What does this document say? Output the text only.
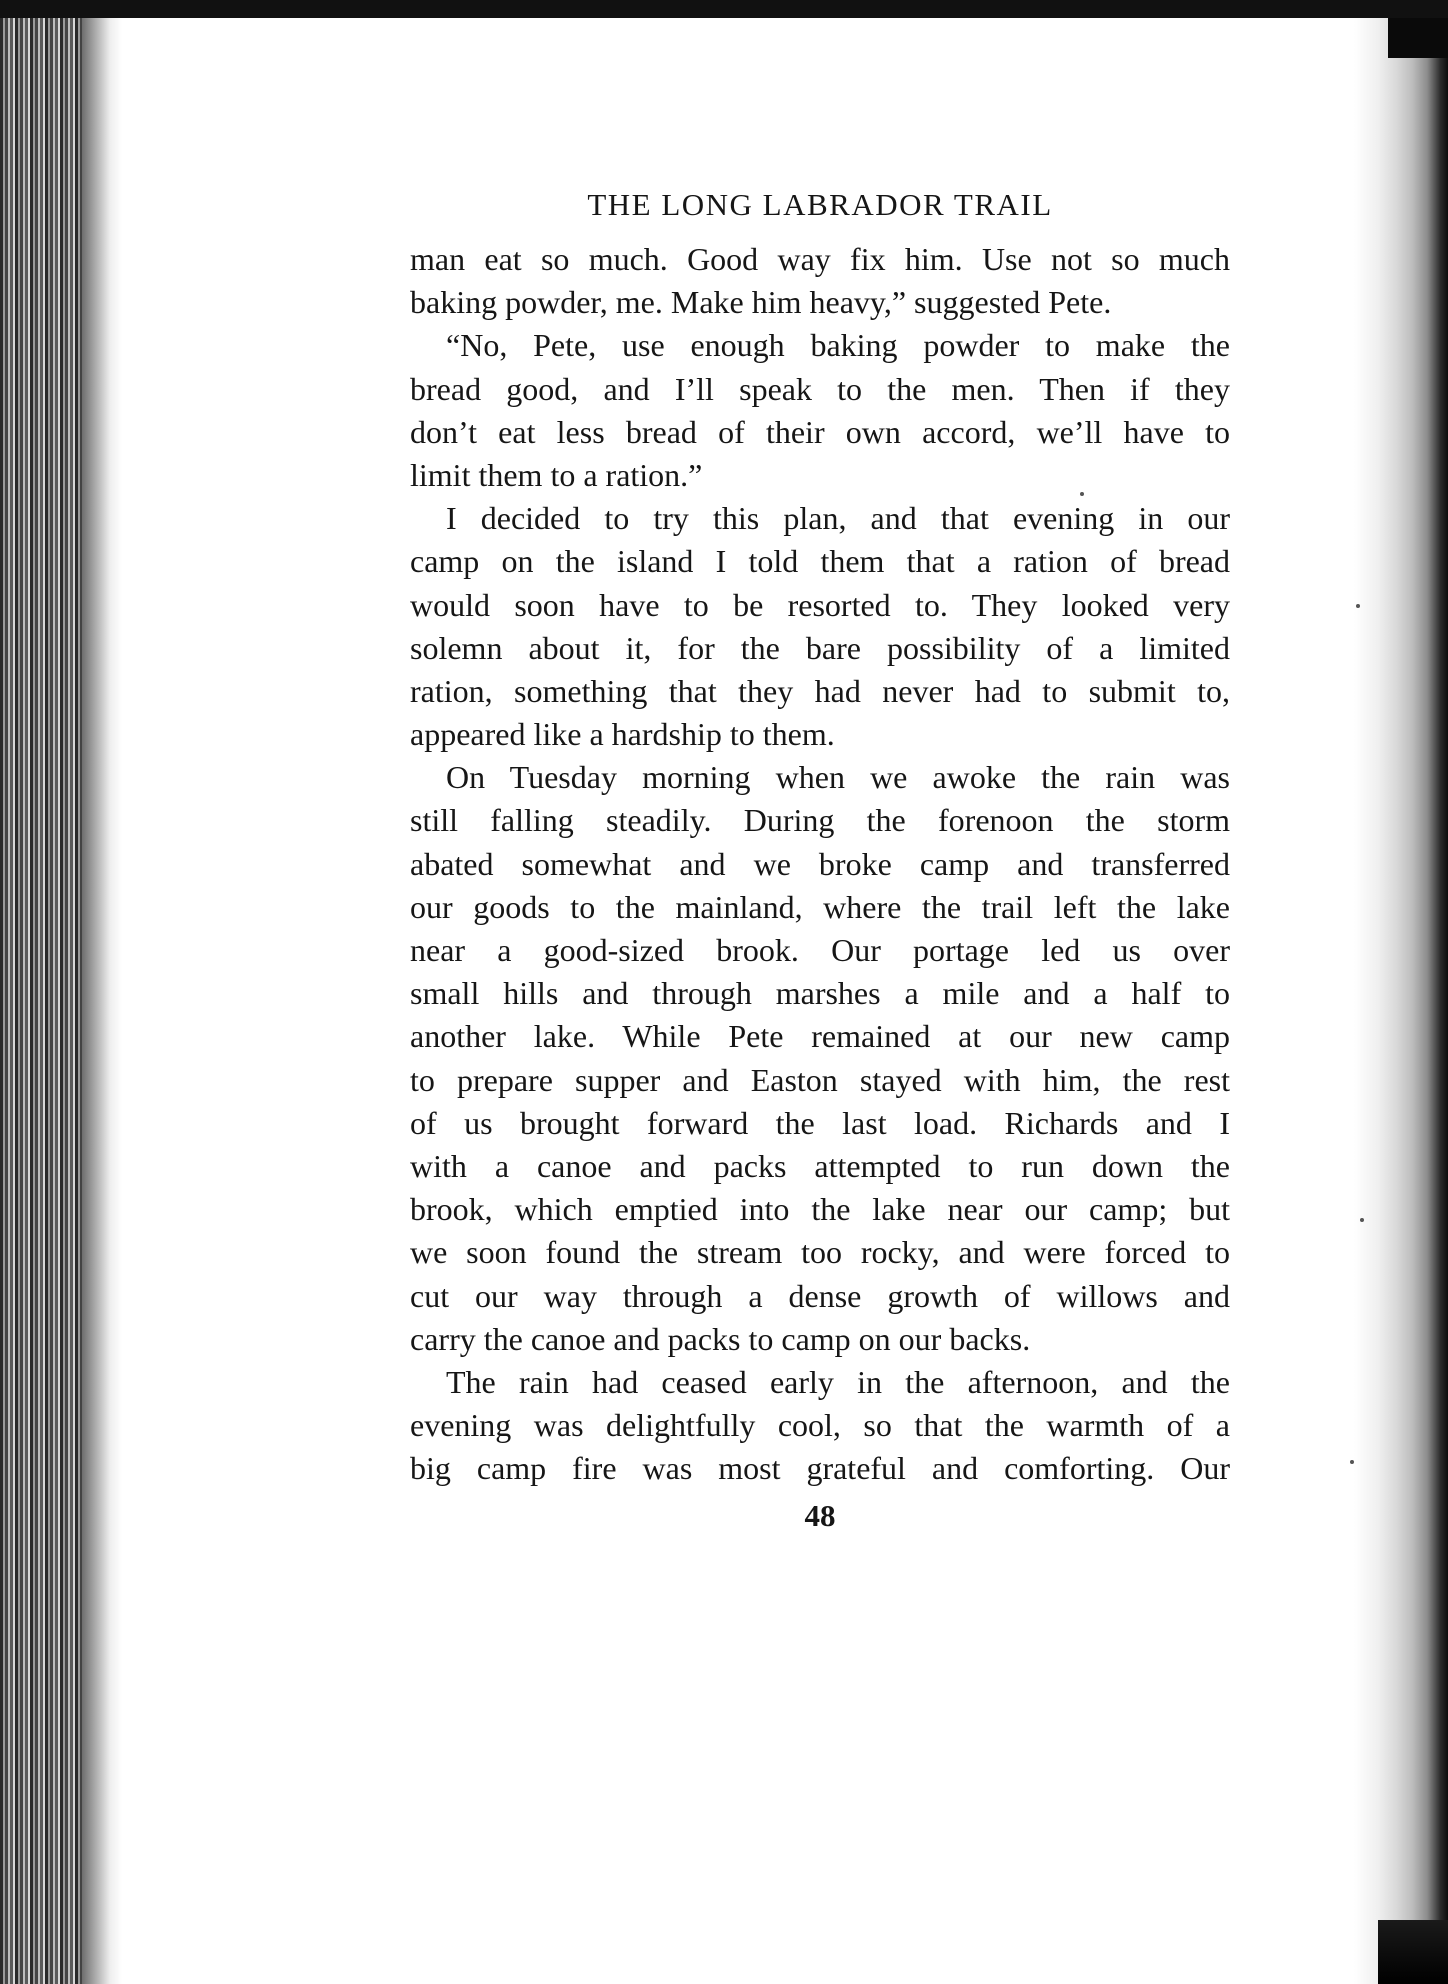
THE LONG LABRADOR TRAIL
man eat so much. Good way fix him. Use not so much
baking powder, me. Make him heavy,” suggested Pete.
“No, Pete, use enough baking powder to make the
bread good, and I’ll speak to the men. Then if they
don’t eat less bread of their own accord, we’ll have to
limit them to a ration.”
I decided to try this plan, and that evening in our
camp on the island I told them that a ration of bread
would soon have to be resorted to. They looked very
solemn about it, for the bare possibility of a limited
ration, something that they had never had to submit to,
appeared like a hardship to them.
On Tuesday morning when we awoke the rain was
still falling steadily. During the forenoon the storm
abated somewhat and we broke camp and transferred
our goods to the mainland, where the trail left the lake
near a good-sized brook. Our portage led us over
small hills and through marshes a mile and a half to
another lake. While Pete remained at our new camp
to prepare supper and Easton stayed with him, the rest
of us brought forward the last load. Richards and I
with a canoe and packs attempted to run down the
brook, which emptied into the lake near our camp; but
we soon found the stream too rocky, and were forced to
cut our way through a dense growth of willows and
carry the canoe and packs to camp on our backs.
The rain had ceased early in the afternoon, and the
evening was delightfully cool, so that the warmth of a
big camp fire was most grateful and comforting. Our
48
